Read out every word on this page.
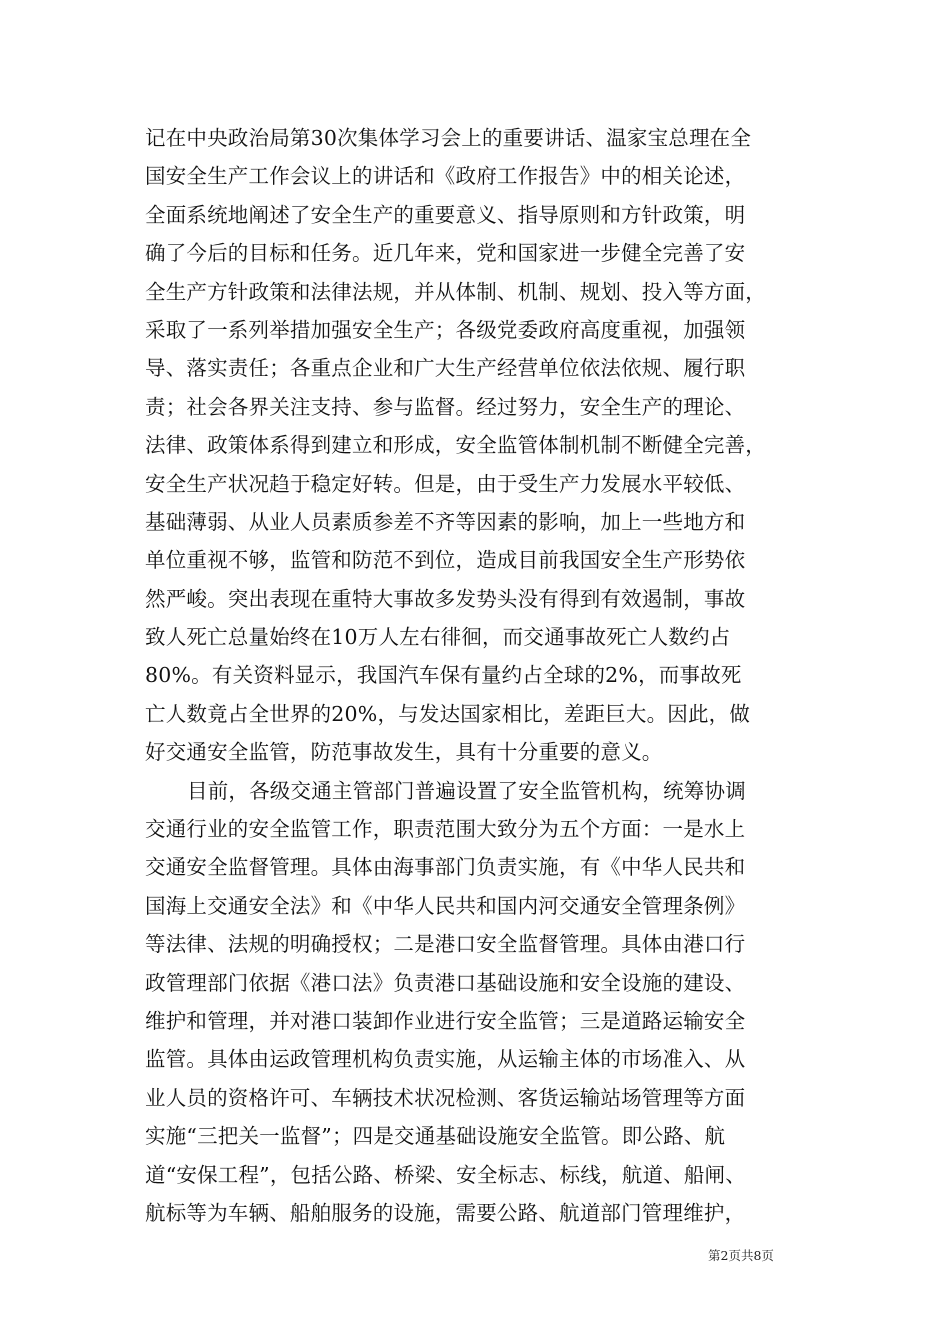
记在中央政治局第30次集体学习会上的重要讲话、温家宝总理在全
国安全生产工作会议上的讲话和《政府工作报告》中的相关论述，
全面系统地阐述了安全生产的重要意义、指导原则和方针政策，明
确了今后的目标和任务。近几年来，党和国家进一步健全完善了安
全生产方针政策和法律法规，并从体制、机制、规划、投入等方面，
采取了一系列举措加强安全生产；各级党委政府高度重视，加强领
导、落实责任；各重点企业和广大生产经营单位依法依规、履行职
责；社会各界关注支持、参与监督。经过努力，安全生产的理论、
法律、政策体系得到建立和形成，安全监管体制机制不断健全完善，
安全生产状况趋于稳定好转。但是，由于受生产力发展水平较低、
基础薄弱、从业人员素质参差不齐等因素的影响，加上一些地方和
单位重视不够，监管和防范不到位，造成目前我国安全生产形势依
然严峻。突出表现在重特大事故多发势头没有得到有效遏制，事故
致人死亡总量始终在10万人左右徘徊，而交通事故死亡人数约占
80%。有关资料显示，我国汽车保有量约占全球的2%，而事故死
亡人数竟占全世界的20%，与发达国家相比，差距巨大。因此，做
好交通安全监管，防范事故发生，具有十分重要的意义。
目前，各级交通主管部门普遍设置了安全监管机构，统筹协调
交通行业的安全监管工作，职责范围大致分为五个方面：一是水上
交通安全监督管理。具体由海事部门负责实施，有《中华人民共和
国海上交通安全法》和《中华人民共和国内河交通安全管理条例》
等法律、法规的明确授权；二是港口安全监督管理。具体由港口行
政管理部门依据《港口法》负责港口基础设施和安全设施的建设、
维护和管理，并对港口装卸作业进行安全监管；三是道路运输安全
监管。具体由运政管理机构负责实施，从运输主体的市场准入、从
业人员的资格许可、车辆技术状况检测、客货运输站场管理等方面
实施“三把关一监督”；四是交通基础设施安全监管。即公路、航
道“安保工程”，包括公路、桥梁、安全标志、标线，航道、船闸、
航标等为车辆、船舶服务的设施，需要公路、航道部门管理维护，
第2页共8页
